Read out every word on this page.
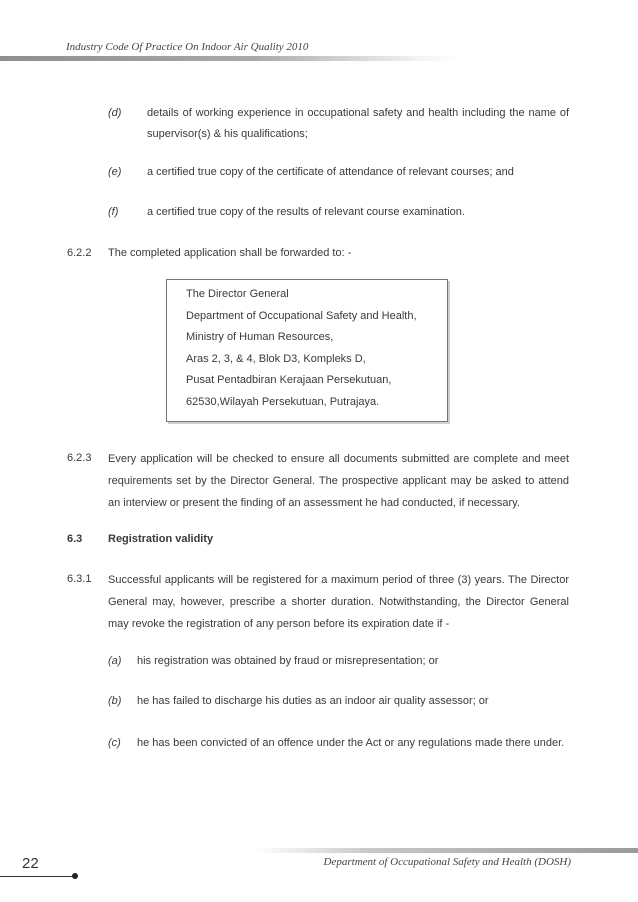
Industry Code Of Practice On Indoor Air Quality 2010
(d) details of working experience in occupational safety and health including the name of supervisor(s) & his qualifications;
(e) a certified true copy of the certificate of attendance of relevant courses; and
(f)	a certified true copy of the results of relevant course examination.
6.2.2 The completed application shall be forwarded to: -
The Director General
Department of Occupational Safety and Health,
Ministry of Human Resources,
Aras 2, 3, & 4, Blok D3, Kompleks D,
Pusat Pentadbiran Kerajaan Persekutuan,
62530,Wilayah Persekutuan, Putrajaya.
6.2.3 Every application will be checked to ensure all documents submitted are complete and meet requirements set by the Director General. The prospective applicant may be asked to attend an interview or present the finding of an assessment he had conducted, if necessary.
6.3 Registration validity
6.3.1 Successful applicants will be registered for a maximum period of three (3) years. The Director General may, however, prescribe a shorter duration. Notwithstanding, the Director General may revoke the registration of any person before its expiration date if -
(a) his registration was obtained by fraud or misrepresentation; or
(b) he has failed to discharge his duties as an indoor air quality assessor; or
(c) he has been convicted of an offence under the Act or any regulations made there under.
Department of Occupational Safety and Health (DOSH)
22
